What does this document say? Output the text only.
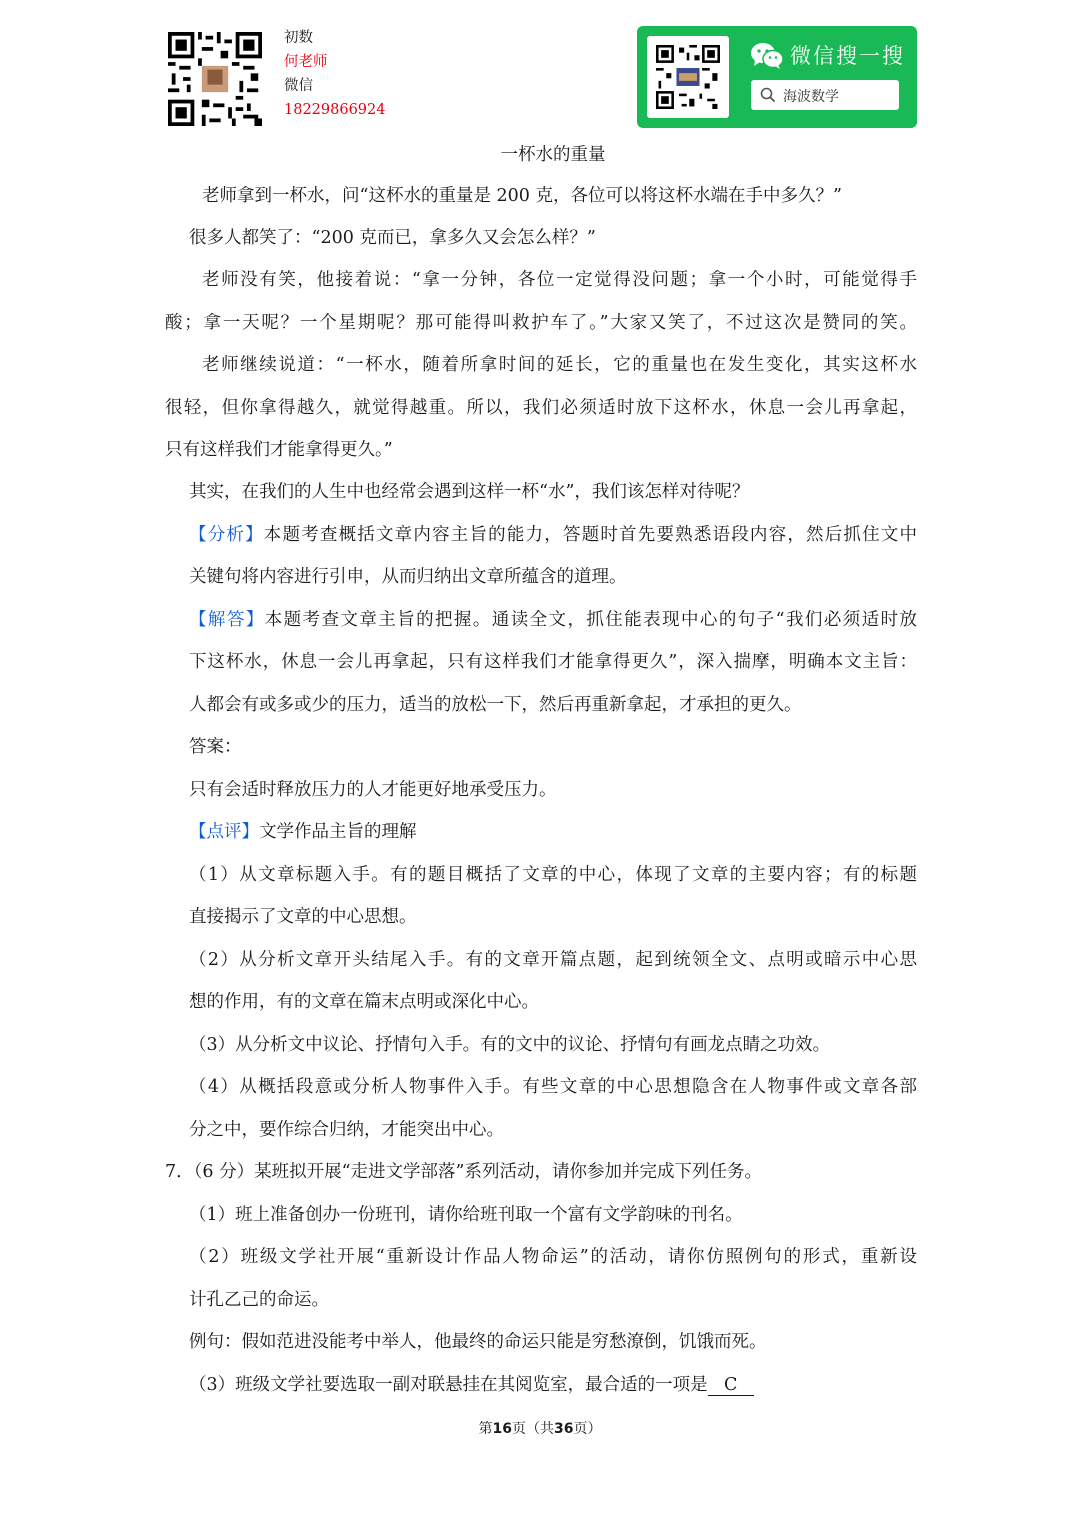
初数
何老师
微信
18229866924
微信搜一搜
海波数学
一杯水的重量
老师拿到一杯水，问“这杯水的重量是 200 克，各位可以将这杯水端在手中多久？”
很多人都笑了：“200 克而已，拿多久又会怎么样？”
老师没有笑，他接着说：“拿一分钟，各位一定觉得没问题；拿一个小时，可能觉得手
酸；拿一天呢？一个星期呢？那可能得叫救护车了。”大家又笑了，不过这次是赞同的笑。
老师继续说道：“一杯水，随着所拿时间的延长，它的重量也在发生变化，其实这杯水
很轻，但你拿得越久，就觉得越重。所以，我们必须适时放下这杯水，休息一会儿再拿起，
只有这样我们才能拿得更久。”
其实，在我们的人生中也经常会遇到这样一杯“水”，我们该怎样对待呢？
【分析】本题考查概括文章内容主旨的能力，答题时首先要熟悉语段内容，然后抓住文中
关键句将内容进行引申，从而归纳出文章所蕴含的道理。
【解答】本题考查文章主旨的把握。通读全文，抓住能表现中心的句子“我们必须适时放
下这杯水，休息一会儿再拿起，只有这样我们才能拿得更久”，深入揣摩，明确本文主旨：
人都会有或多或少的压力，适当的放松一下，然后再重新拿起，才承担的更久。
答案：
只有会适时释放压力的人才能更好地承受压力。
【点评】文学作品主旨的理解
（1）从文章标题入手。有的题目概括了文章的中心，体现了文章的主要内容；有的标题
直接揭示了文章的中心思想。
（2）从分析文章开头结尾入手。有的文章开篇点题，起到统领全文、点明或暗示中心思
想的作用，有的文章在篇末点明或深化中心。
（3）从分析文中议论、抒情句入手。有的文中的议论、抒情句有画龙点睛之功效。
（4）从概括段意或分析人物事件入手。有些文章的中心思想隐含在人物事件或文章各部
分之中，要作综合归纳，才能突出中心。
7．（6 分）某班拟开展“走进文学部落”系列活动，请你参加并完成下列任务。
（1）班上准备创办一份班刊，请你给班刊取一个富有文学韵味的刊名。
（2）班级文学社开展“重新设计作品人物命运”的活动，请你仿照例句的形式，重新设
计孔乙己的命运。
例句：假如范进没能考中举人，他最终的命运只能是穷愁潦倒，饥饿而死。
（3）班级文学社要选取一副对联悬挂在其阅览室，最合适的一项是 C
第16页（共36页）
